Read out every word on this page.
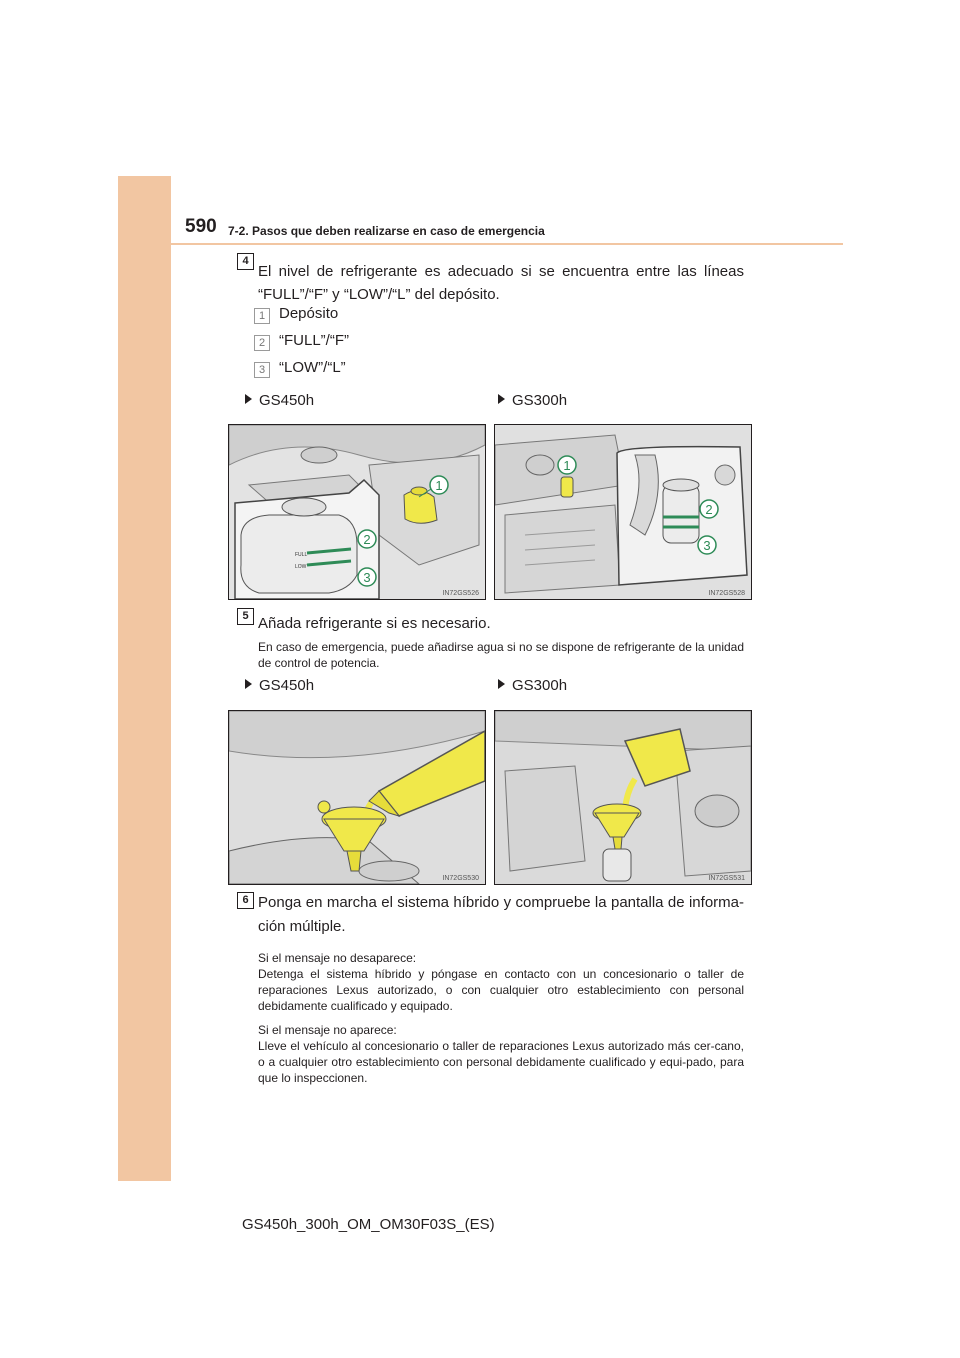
590 7-2. Pasos que deben realizarse en caso de emergencia
4
El nivel de refrigerante es adecuado si se encuentra entre las líneas “FULL”/“F” y “LOW”/“L” del depósito.
1 Depósito
2 “FULL”/“F”
3 “LOW”/“L”
GS450h	GS300h
FULL
LOW
1
2
3
IN72GS526
1
2
3
IN72GS528
5 Añada refrigerante si es necesario.
En caso de emergencia, puede añadirse agua si no se dispone de refrigerante de la unidad de control de potencia.
GS450h	GS300h
IN72GS530	IN72GS531
6 Ponga en marcha el sistema híbrido y compruebe la pantalla de informa-ción múltiple.
Si el mensaje no desaparece:
Detenga el sistema híbrido y póngase en contacto con un concesionario o taller de reparaciones Lexus autorizado, o con cualquier otro establecimiento con personal debidamente cualificado y equipado.
Si el mensaje no aparece:
Lleve el vehículo al concesionario o taller de reparaciones Lexus autorizado más cer-cano, o a cualquier otro establecimiento con personal debidamente cualificado y equi-pado, para que lo inspeccionen.
GS450h_300h_OM_OM30F03S_(ES)
